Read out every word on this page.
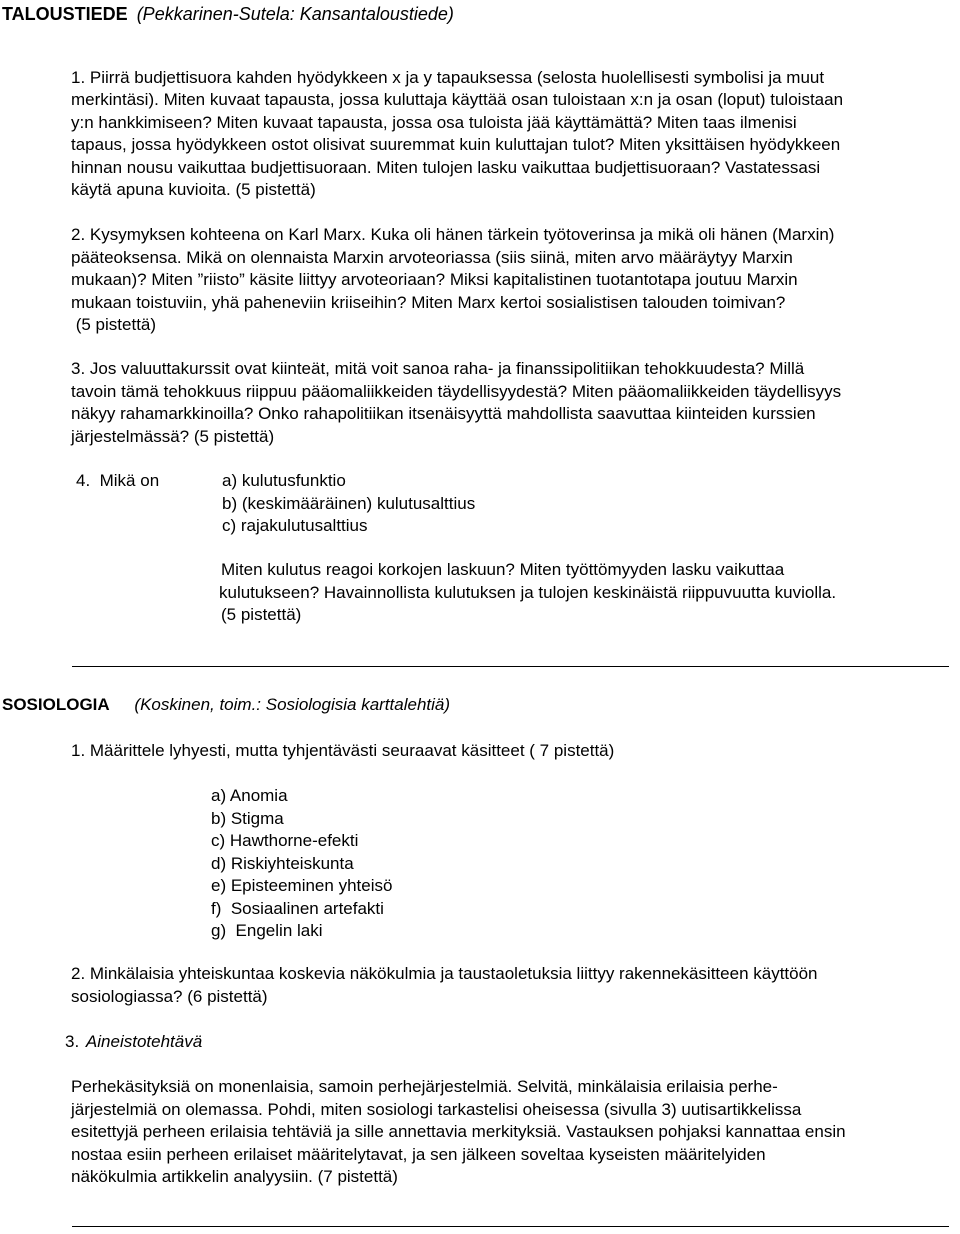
TALOUSTIEDE (Pekkarinen-Sutela: Kansantaloustiede)
1. Piirrä budjettisuora kahden hyödykkeen x ja y tapauksessa (selosta huolellisesti symbolisi ja muut
merkintäsi). Miten kuvaat tapausta, jossa kuluttaja käyttää osan tuloistaan x:n ja osan (loput) tuloistaan
y:n hankkimiseen? Miten kuvaat tapausta, jossa osa tuloista jää käyttämättä? Miten taas ilmenisi
tapaus, jossa hyödykkeen ostot olisivat suuremmat kuin kuluttajan tulot? Miten yksittäisen hyödykkeen
hinnan nousu vaikuttaa budjettisuoraan. Miten tulojen lasku vaikuttaa budjettisuoraan? Vastatessasi
käytä apuna kuvioita. (5 pistettä)
2. Kysymyksen kohteena on Karl Marx. Kuka oli hänen tärkein työtoverinsa ja mikä oli hänen (Marxin)
pääteoksensa. Mikä on olennaista Marxin arvoteoriassa (siis siinä, miten arvo määräytyy Marxin
mukaan)? Miten ”riisto” käsite liittyy arvoteoriaan? Miksi kapitalistinen tuotantotapa joutuu Marxin
mukaan toistuviin, yhä paheneviin kriiseihin? Miten Marx kertoi sosialistisen talouden toimivan?
(5 pistettä)
3. Jos valuuttakurssit ovat kiinteät, mitä voit sanoa raha- ja finanssipolitiikan tehokkuudesta? Millä
tavoin tämä tehokkuus riippuu pääomaliikkeiden täydellisyydestä? Miten pääomaliikkeiden täydellisyys
näkyy rahamarkkinoilla? Onko rahapolitiikan itsenäisyyttä mahdollista saavuttaa kiinteiden kurssien
järjestelmässä? (5 pistettä)
4.  Mikä on	a) kulutusfunktio
b) (keskimääräinen) kulutusalttius
c) rajakulutusalttius
Miten kulutus reagoi korkojen laskuun? Miten työttömyyden lasku vaikuttaa
kulutukseen? Havainnollista kulutuksen ja tulojen keskinäistä riippuvuutta kuviolla.
(5 pistettä)
SOSIOLOGIA (Koskinen, toim.: Sosiologisia karttalehtiä)
1. Määrittele lyhyesti, mutta tyhjentävästi seuraavat käsitteet ( 7 pistettä)
a) Anomia
b) Stigma
c) Hawthorne-efekti
d) Riskiyhteiskunta
e) Episteeminen yhteisö
f)  Sosiaalinen artefakti
g)  Engelin laki
2. Minkälaisia yhteiskuntaa koskevia näkökulmia ja taustaoletuksia liittyy rakennekäsitteen käyttöön
sosiologiassa? (6 pistettä)
3. Aineistotehtävä
Perhekäsityksiä on monenlaisia, samoin perhejärjestelmiä. Selvitä, minkälaisia erilaisia perhe-
järjestelmiä on olemassa. Pohdi, miten sosiologi tarkastelisi oheisessa (sivulla 3) uutisartikkelissa
esitettyjä perheen erilaisia tehtäviä ja sille annettavia merkityksiä. Vastauksen pohjaksi kannattaa ensin
nostaa esiin perheen erilaiset määritelytavat, ja sen jälkeen soveltaa kyseisten määritelyiden
näkökulmia artikkelin analyysiin. (7 pistettä)
